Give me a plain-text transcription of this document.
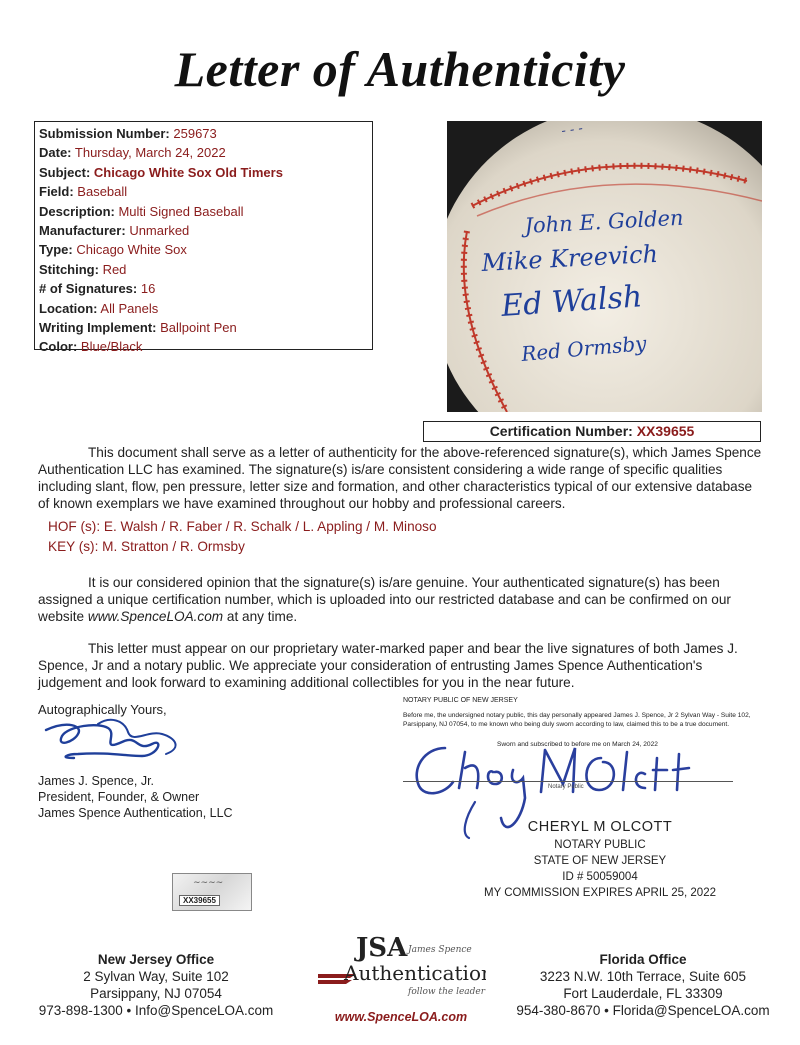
Letter of Authenticity
Submission Number: 259673
Date: Thursday, March 24, 2022
Subject: Chicago White Sox Old Timers
Field: Baseball
Description: Multi Signed Baseball
Manufacturer: Unmarked
Type: Chicago White Sox
Stitching: Red
# of Signatures: 16
Location: All Panels
Writing Implement: Ballpoint Pen
Color: Blue/Black
- - -
John E. Golden
Mike Kreevich
Ed Walsh
Red Ormsby
Certification Number: XX39655
This document shall serve as a letter of authenticity for the above-referenced signature(s), which James Spence Authentication LLC has examined. The signature(s) is/are consistent considering a wide range of specific qualities including slant, flow, pen pressure, letter size and formation, and other characteristics typical of our extensive database of known exemplars we have examined throughout our hobby and professional careers.
HOF (s): E. Walsh / R. Faber / R. Schalk / L. Appling / M. Minoso
KEY (s): M. Stratton / R. Ormsby
It is our considered opinion that the signature(s) is/are genuine. Your authenticated signature(s) has been assigned a unique certification number, which is uploaded into our restricted database and can be confirmed on our website www.SpenceLOA.com at any time.
This letter must appear on our proprietary water-marked paper and bear the live signatures of both James J. Spence, Jr and a notary public. We appreciate your consideration of entrusting James Spence Authentication's judgement and look forward to examining additional collectibles for you in the near future.
Autographically Yours,
James J. Spence, Jr.
President, Founder, & Owner
James Spence Authentication, LLC
NOTARY PUBLIC OF NEW JERSEY
Before me, the undersigned notary public, this day personally appeared James J. Spence, Jr 2 Sylvan Way - Suite 102, Parsippany, NJ 07054, to me known who being duly sworn according to law, claimed this to be a true document.
Sworn and subscribed to before me on March 24, 2022
Notary Public
CHERYL M OLCOTT
NOTARY PUBLIC
STATE OF NEW JERSEY
ID # 50059004
MY COMMISSION EXPIRES APRIL 25, 2022
∼∼∼∼
XX39655
New Jersey Office
2 Sylvan Way, Suite 102
Parsippany, NJ 07054
973-898-1300 • Info@SpenceLOA.com
JSA James Spence
Authentication
follow the leader
www.SpenceLOA.com
Florida Office
3223 N.W. 10th Terrace, Suite 605
Fort Lauderdale, FL 33309
954-380-8670 • Florida@SpenceLOA.com
